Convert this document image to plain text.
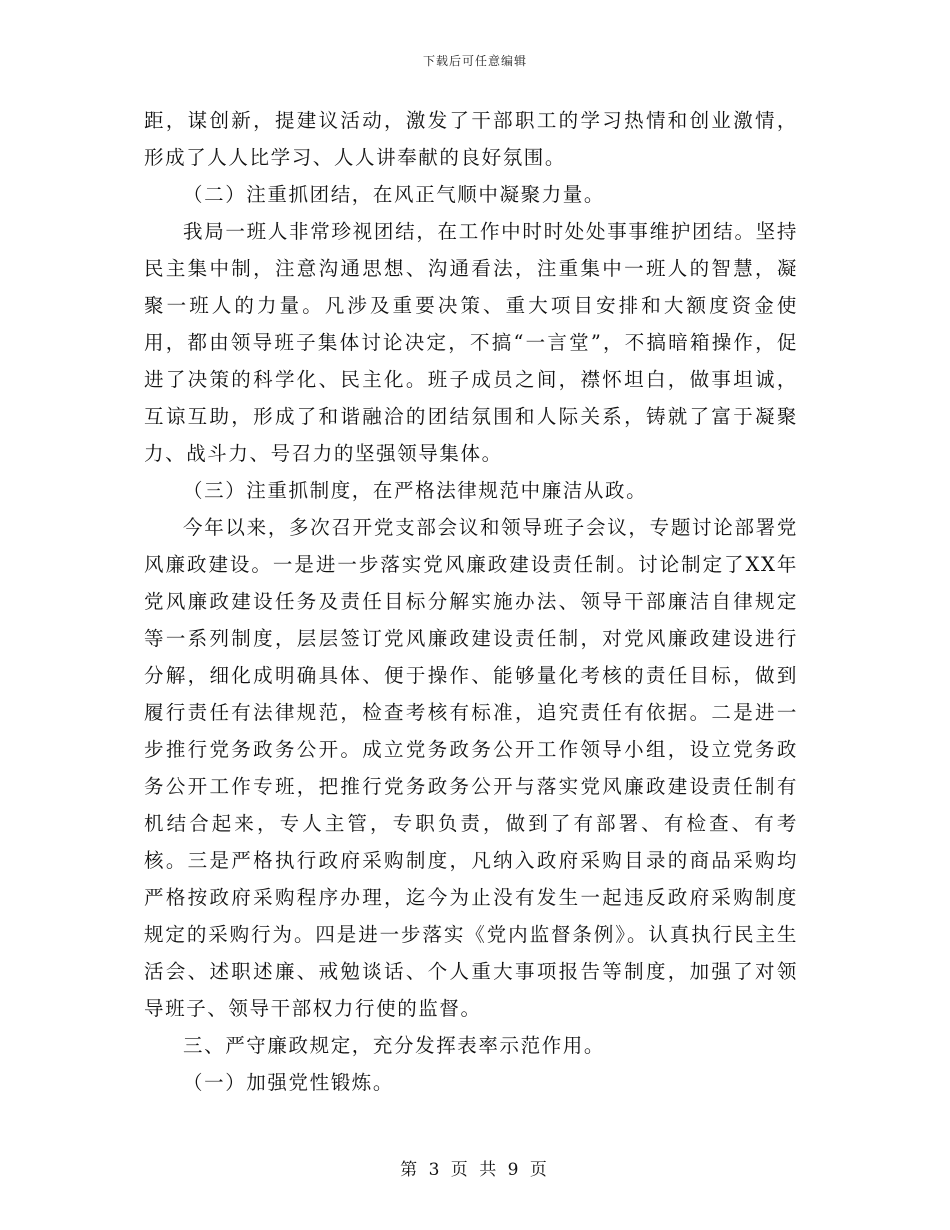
下载后可任意编辑

距，谋创新，提建议活动，激发了干部职工的学习热情和创业激情，形成了人人比学习、人人讲奉献的良好氛围。

（二）注重抓团结，在风正气顺中凝聚力量。

我局一班人非常珍视团结，在工作中时时处处事事维护团结。坚持民主集中制，注意沟通思想、沟通看法，注重集中一班人的智慧，凝聚一班人的力量。凡涉及重要决策、重大项目安排和大额度资金使用，都由领导班子集体讨论决定，不搞“一言堂”，不搞暗箱操作，促进了决策的科学化、民主化。班子成员之间，襟怀坦白，做事坦诚，互谅互助，形成了和谐融洽的团结氛围和人际关系，铸就了富于凝聚力、战斗力、号召力的坚强领导集体。

（三）注重抓制度，在严格法律规范中廉洁从政。

今年以来，多次召开党支部会议和领导班子会议，专题讨论部署党风廉政建设。一是进一步落实党风廉政建设责任制。讨论制定了XX年党风廉政建设任务及责任目标分解实施办法、领导干部廉洁自律规定等一系列制度，层层签订党风廉政建设责任制，对党风廉政建设进行分解，细化成明确具体、便于操作、能够量化考核的责任目标，做到履行责任有法律规范，检查考核有标准，追究责任有依据。二是进一步推行党务政务公开。成立党务政务公开工作领导小组，设立党务政务公开工作专班，把推行党务政务公开与落实党风廉政建设责任制有机结合起来，专人主管，专职负责，做到了有部署、有检查、有考核。三是严格执行政府采购制度，凡纳入政府采购目录的商品采购均严格按政府采购程序办理，迄今为止没有发生一起违反政府采购制度规定的采购行为。四是进一步落实《党内监督条例》。认真执行民主生活会、述职述廉、戒勉谈话、个人重大事项报告等制度，加强了对领导班子、领导干部权力行使的监督。

三、严守廉政规定，充分发挥表率示范作用。

（一）加强党性锻炼。

第 3 页 共 9 页
